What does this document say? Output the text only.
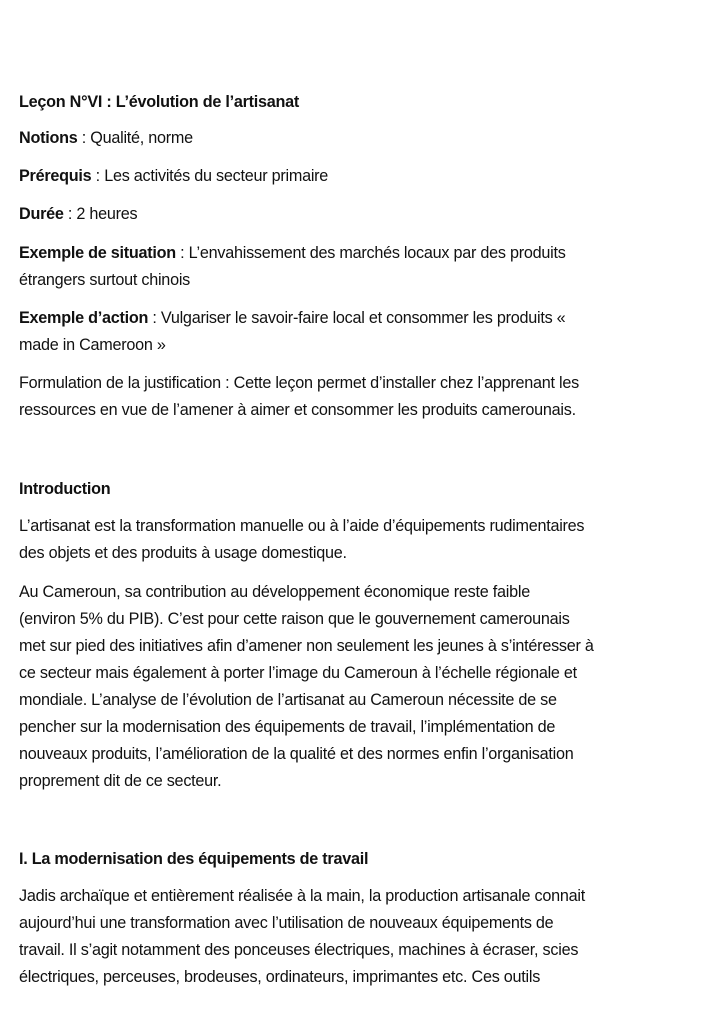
Leçon N°VI : L’évolution de l’artisanat
Notions : Qualité, norme
Prérequis : Les activités du secteur primaire
Durée : 2 heures
Exemple de situation : L’envahissement des marchés locaux par des produits
étrangers surtout chinois
Exemple d’action : Vulgariser le savoir-faire local et consommer les produits «
made in Cameroon »
Formulation de la justification : Cette leçon permet d’installer chez l’apprenant les
ressources en vue de l’amener à aimer et consommer les produits camerounais.
Introduction
L’artisanat est la transformation manuelle ou à l’aide d’équipements rudimentaires
des objets et des produits à usage domestique.
Au Cameroun, sa contribution au développement économique reste faible
(environ 5% du PIB). C’est pour cette raison que le gouvernement camerounais
met sur pied des initiatives afin d’amener non seulement les jeunes à s’intéresser à
ce secteur mais également à porter l’image du Cameroun à l’échelle régionale et
mondiale. L’analyse de l’évolution de l’artisanat au Cameroun nécessite de se
pencher sur la modernisation des équipements de travail, l’implémentation de
nouveaux produits, l’amélioration de la qualité et des normes enfin l’organisation
proprement dit de ce secteur.
I. La modernisation des équipements de travail
Jadis archaïque et entièrement réalisée à la main, la production artisanale connait
aujourd’hui une transformation avec l’utilisation de nouveaux équipements de
travail. Il s’agit notamment des ponceuses électriques, machines à écraser, scies
électriques, perceuses, brodeuses, ordinateurs, imprimantes etc. Ces outils
